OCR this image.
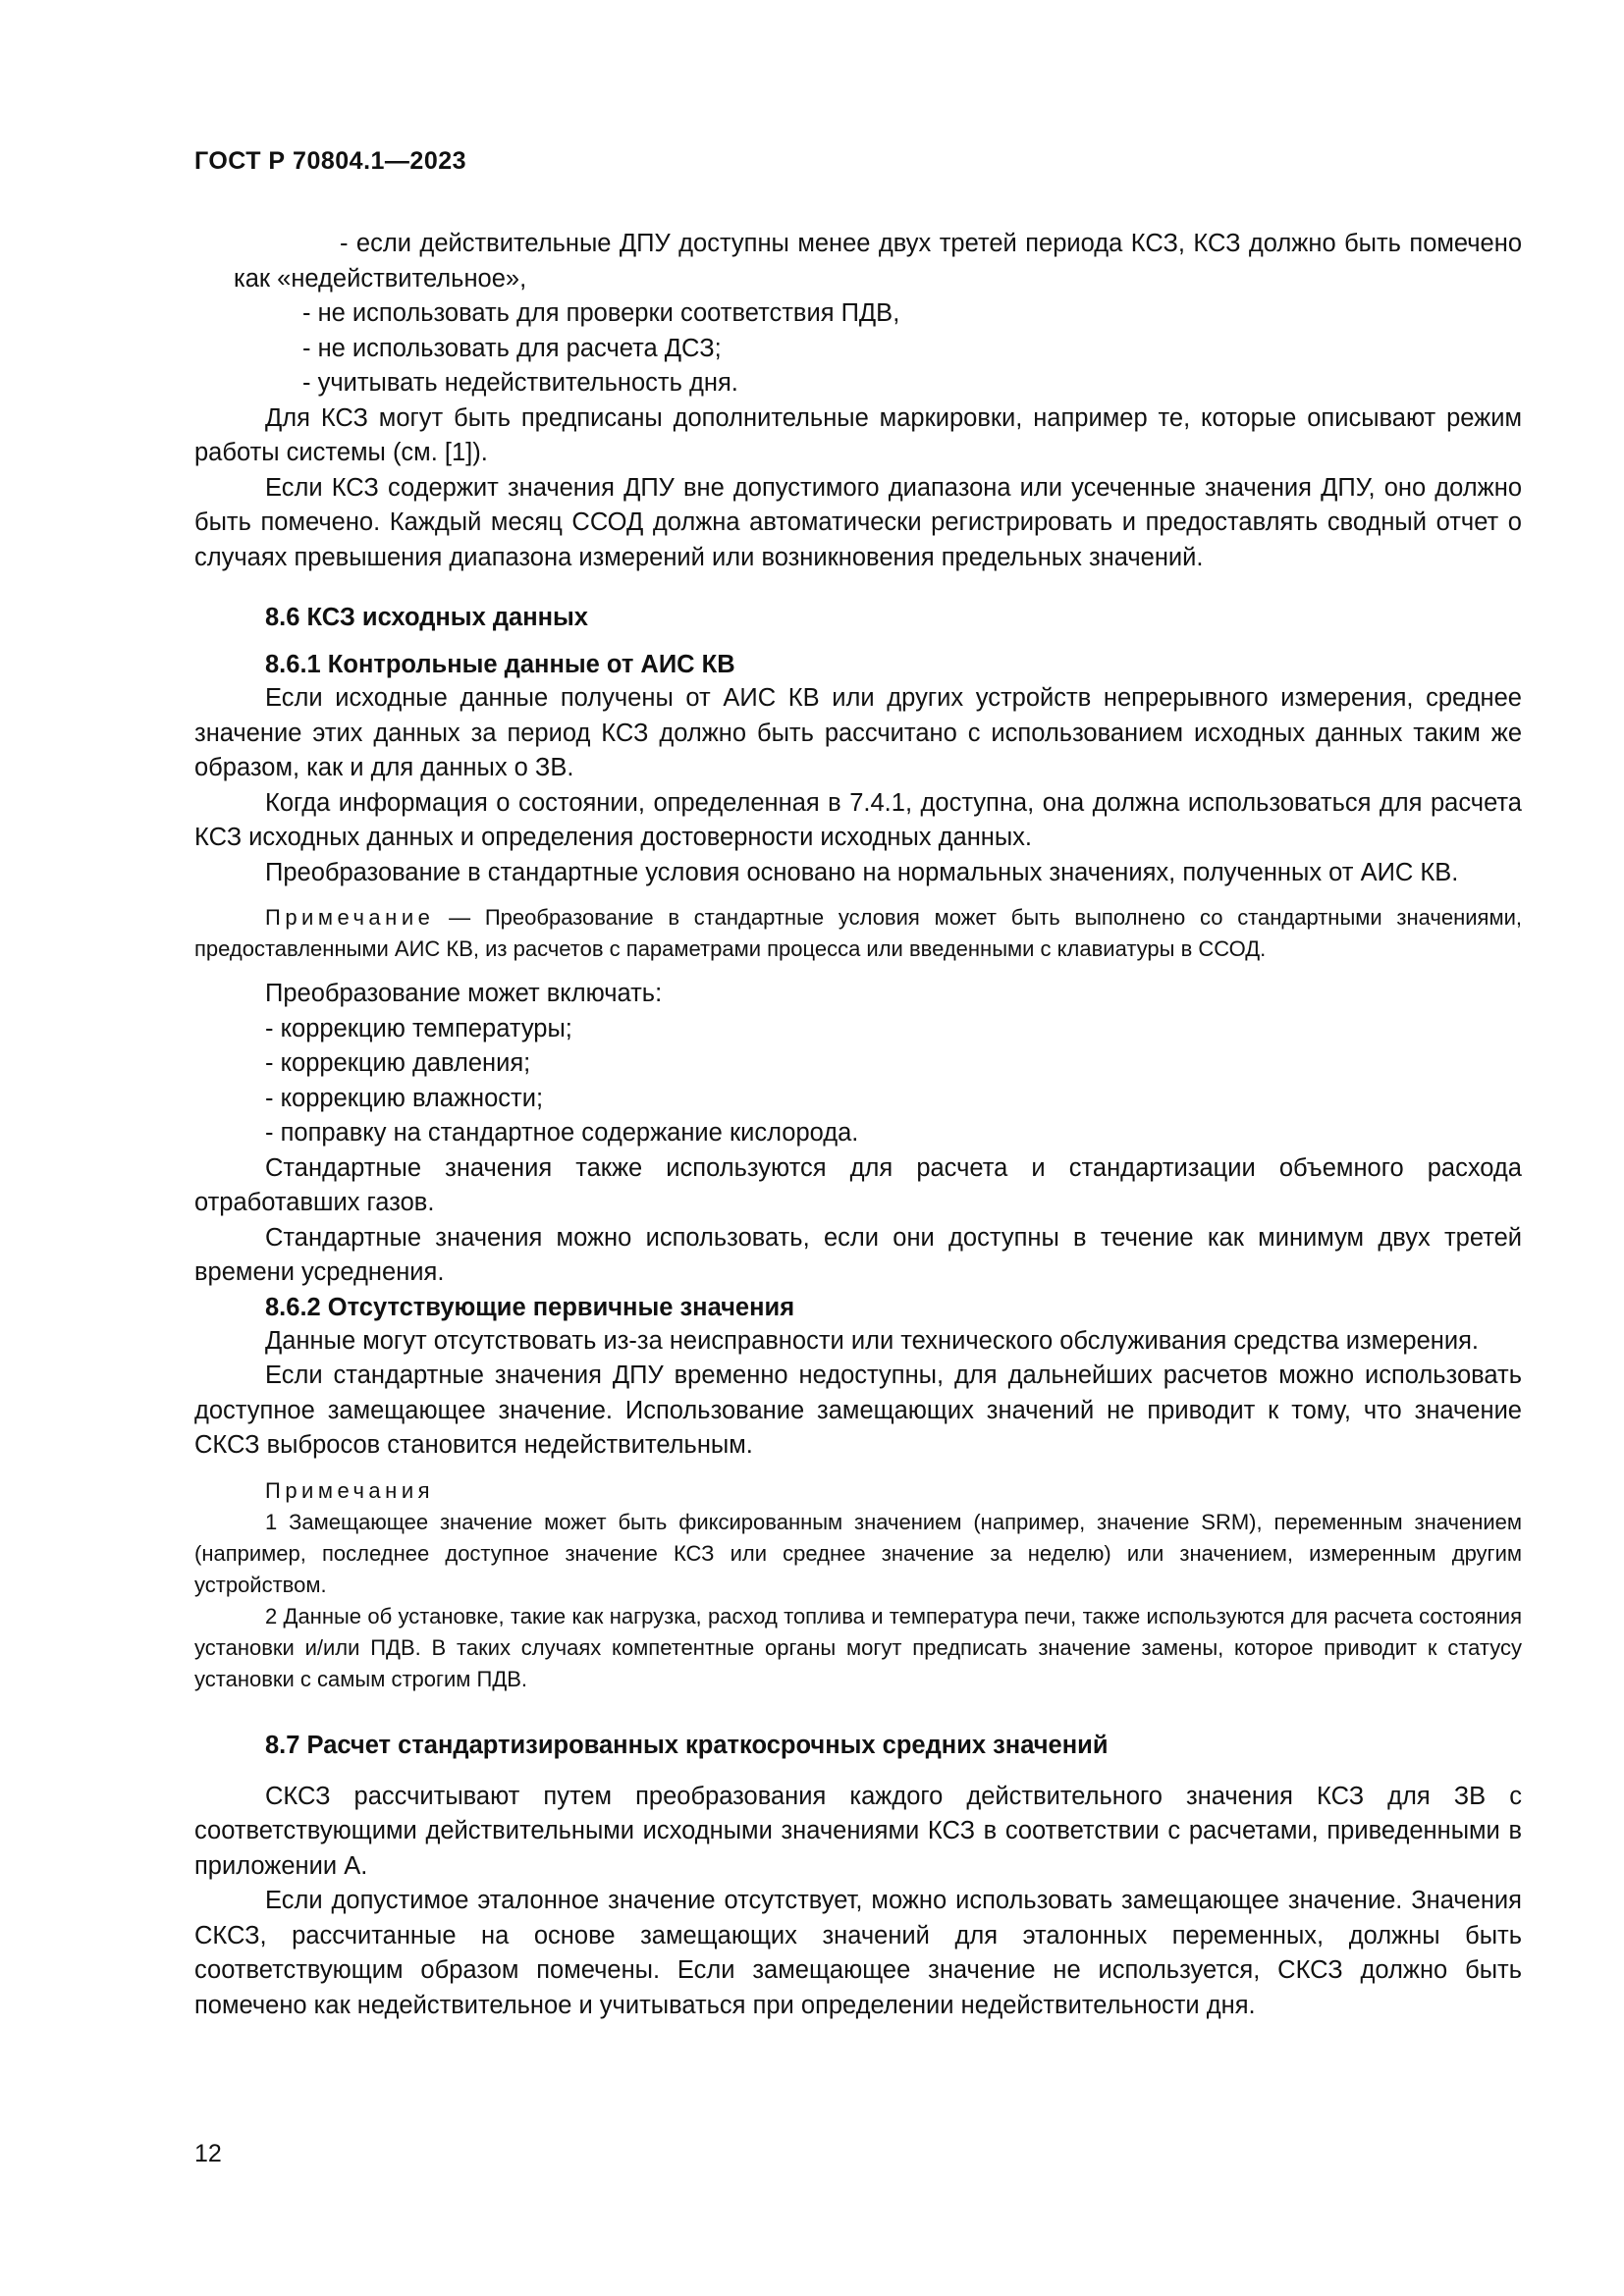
ГОСТ Р 70804.1—2023

- если действительные ДПУ доступны менее двух третей периода КСЗ, КСЗ должно быть помечено как «недействительное»,

- не использовать для проверки соответствия ПДВ,

- не использовать для расчета ДСЗ;

- учитывать недействительность дня.

Для КСЗ могут быть предписаны дополнительные маркировки, например те, которые описывают режим работы системы (см. [1]).

Если КСЗ содержит значения ДПУ вне допустимого диапазона или усеченные значения ДПУ, оно должно быть помечено. Каждый месяц ССОД должна автоматически регистрировать и предоставлять сводный отчет о случаях превышения диапазона измерений или возникновения предельных значений.

8.6 КСЗ исходных данных
8.6.1 Контрольные данные от АИС КВ

Если исходные данные получены от АИС КВ или других устройств непрерывного измерения, среднее значение этих данных за период КСЗ должно быть рассчитано с использованием исходных данных таким же образом, как и для данных о ЗВ.

Когда информация о состоянии, определенная в 7.4.1, доступна, она должна использоваться для расчета КСЗ исходных данных и определения достоверности исходных данных.

Преобразование в стандартные условия основано на нормальных значениях, полученных от АИС КВ.

Примечание — Преобразование в стандартные условия может быть выполнено со стандартными значениями, предоставленными АИС КВ, из расчетов с параметрами процесса или введенными с клавиатуры в ССОД.

Преобразование может включать:

- коррекцию температуры;

- коррекцию давления;

- коррекцию влажности;

- поправку на стандартное содержание кислорода.

Стандартные значения также используются для расчета и стандартизации объемного расхода отработавших газов.

Стандартные значения можно использовать, если они доступны в течение как минимум двух третей времени усреднения.

8.6.2 Отсутствующие первичные значения

Данные могут отсутствовать из-за неисправности или технического обслуживания средства измерения.

Если стандартные значения ДПУ временно недоступны, для дальнейших расчетов можно использовать доступное замещающее значение. Использование замещающих значений не приводит к тому, что значение СКСЗ выбросов становится недействительным.

Примечания

1 Замещающее значение может быть фиксированным значением (например, значение SRM), переменным значением (например, последнее доступное значение КСЗ или среднее значение за неделю) или значением, измеренным другим устройством.

2 Данные об установке, такие как нагрузка, расход топлива и температура печи, также используются для расчета состояния установки и/или ПДВ. В таких случаях компетентные органы могут предписать значение замены, которое приводит к статусу установки с самым строгим ПДВ.

8.7 Расчет стандартизированных краткосрочных средних значений

СКСЗ рассчитывают путем преобразования каждого действительного значения КСЗ для ЗВ с соответствующими действительными исходными значениями КСЗ в соответствии с расчетами, приведенными в приложении А.

Если допустимое эталонное значение отсутствует, можно использовать замещающее значение. Значения СКСЗ, рассчитанные на основе замещающих значений для эталонных переменных, должны быть соответствующим образом помечены. Если замещающее значение не используется, СКСЗ должно быть помечено как недействительное и учитываться при определении недействительности дня.

12
